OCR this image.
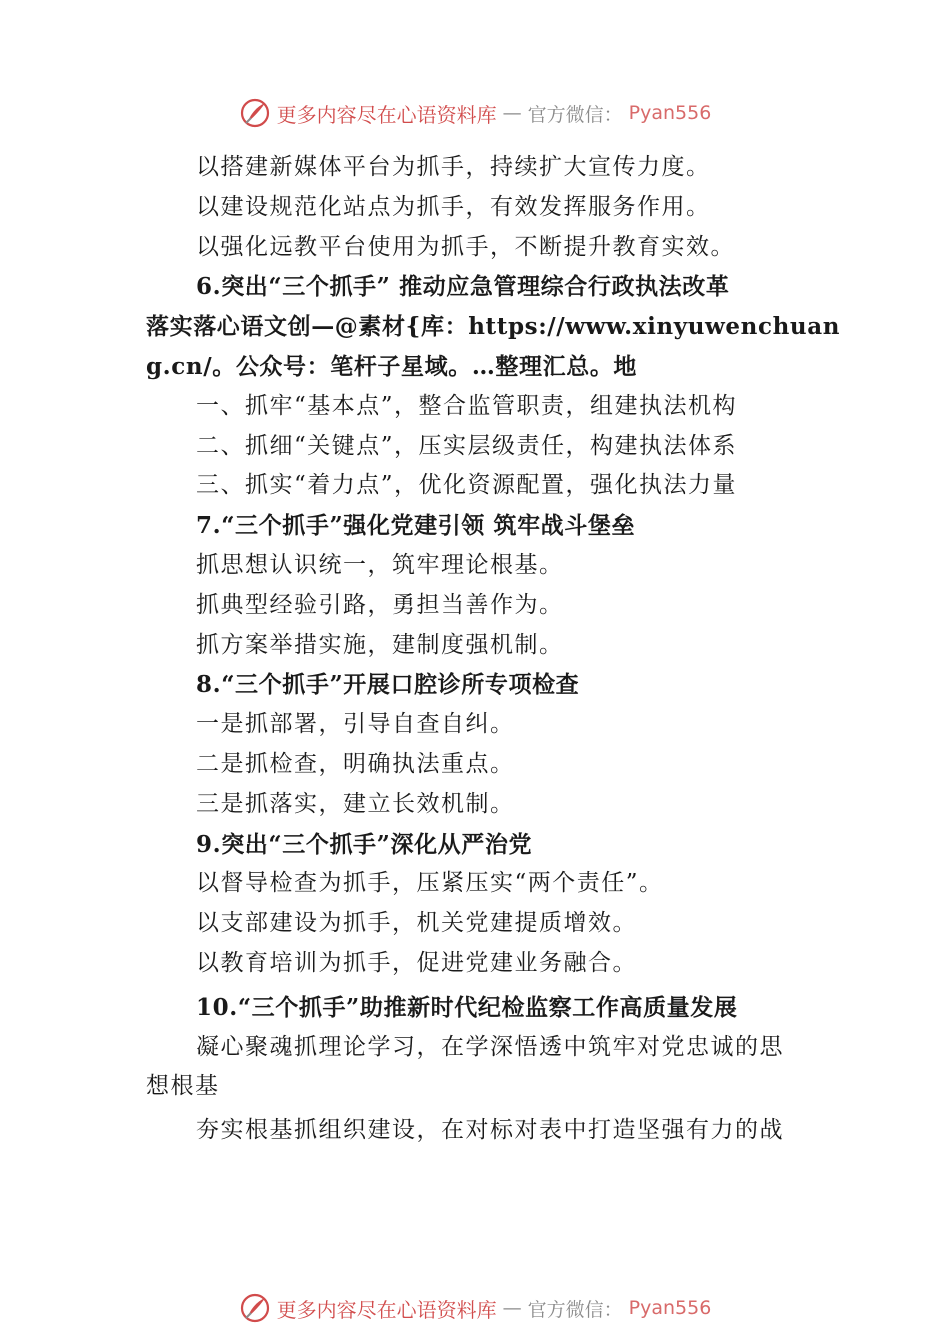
更多内容尽在心语资料库 — 官方微信： Pyan556
以搭建新媒体平台为抓手，持续扩大宣传力度。
以建设规范化站点为抓手，有效发挥服务作用。
以强化远教平台使用为抓手，不断提升教育实效。
6.突出“三个抓手” 推动应急管理综合行政执法改革
落实落心语文创—@素材{库：https://www.xinyuwenchuan
g.cn/。公众号：笔杆子星域。…整理汇总。地
一、抓牢“基本点”，整合监管职责，组建执法机构
二、抓细“关键点”，压实层级责任，构建执法体系
三、抓实“着力点”，优化资源配置，强化执法力量
7.“三个抓手”强化党建引领 筑牢战斗堡垒
抓思想认识统一，筑牢理论根基。
抓典型经验引路，勇担当善作为。
抓方案举措实施，建制度强机制。
8.“三个抓手”开展口腔诊所专项检查
一是抓部署，引导自查自纠。
二是抓检查，明确执法重点。
三是抓落实，建立长效机制。
9.突出“三个抓手”深化从严治党
以督导检查为抓手，压紧压实“两个责任”。
以支部建设为抓手，机关党建提质增效。
以教育培训为抓手，促进党建业务融合。
10.“三个抓手”助推新时代纪检监察工作高质量发展
凝心聚魂抓理论学习，在学深悟透中筑牢对党忠诚的思
想根基
夯实根基抓组织建设，在对标对表中打造坚强有力的战
更多内容尽在心语资料库 — 官方微信： Pyan556
